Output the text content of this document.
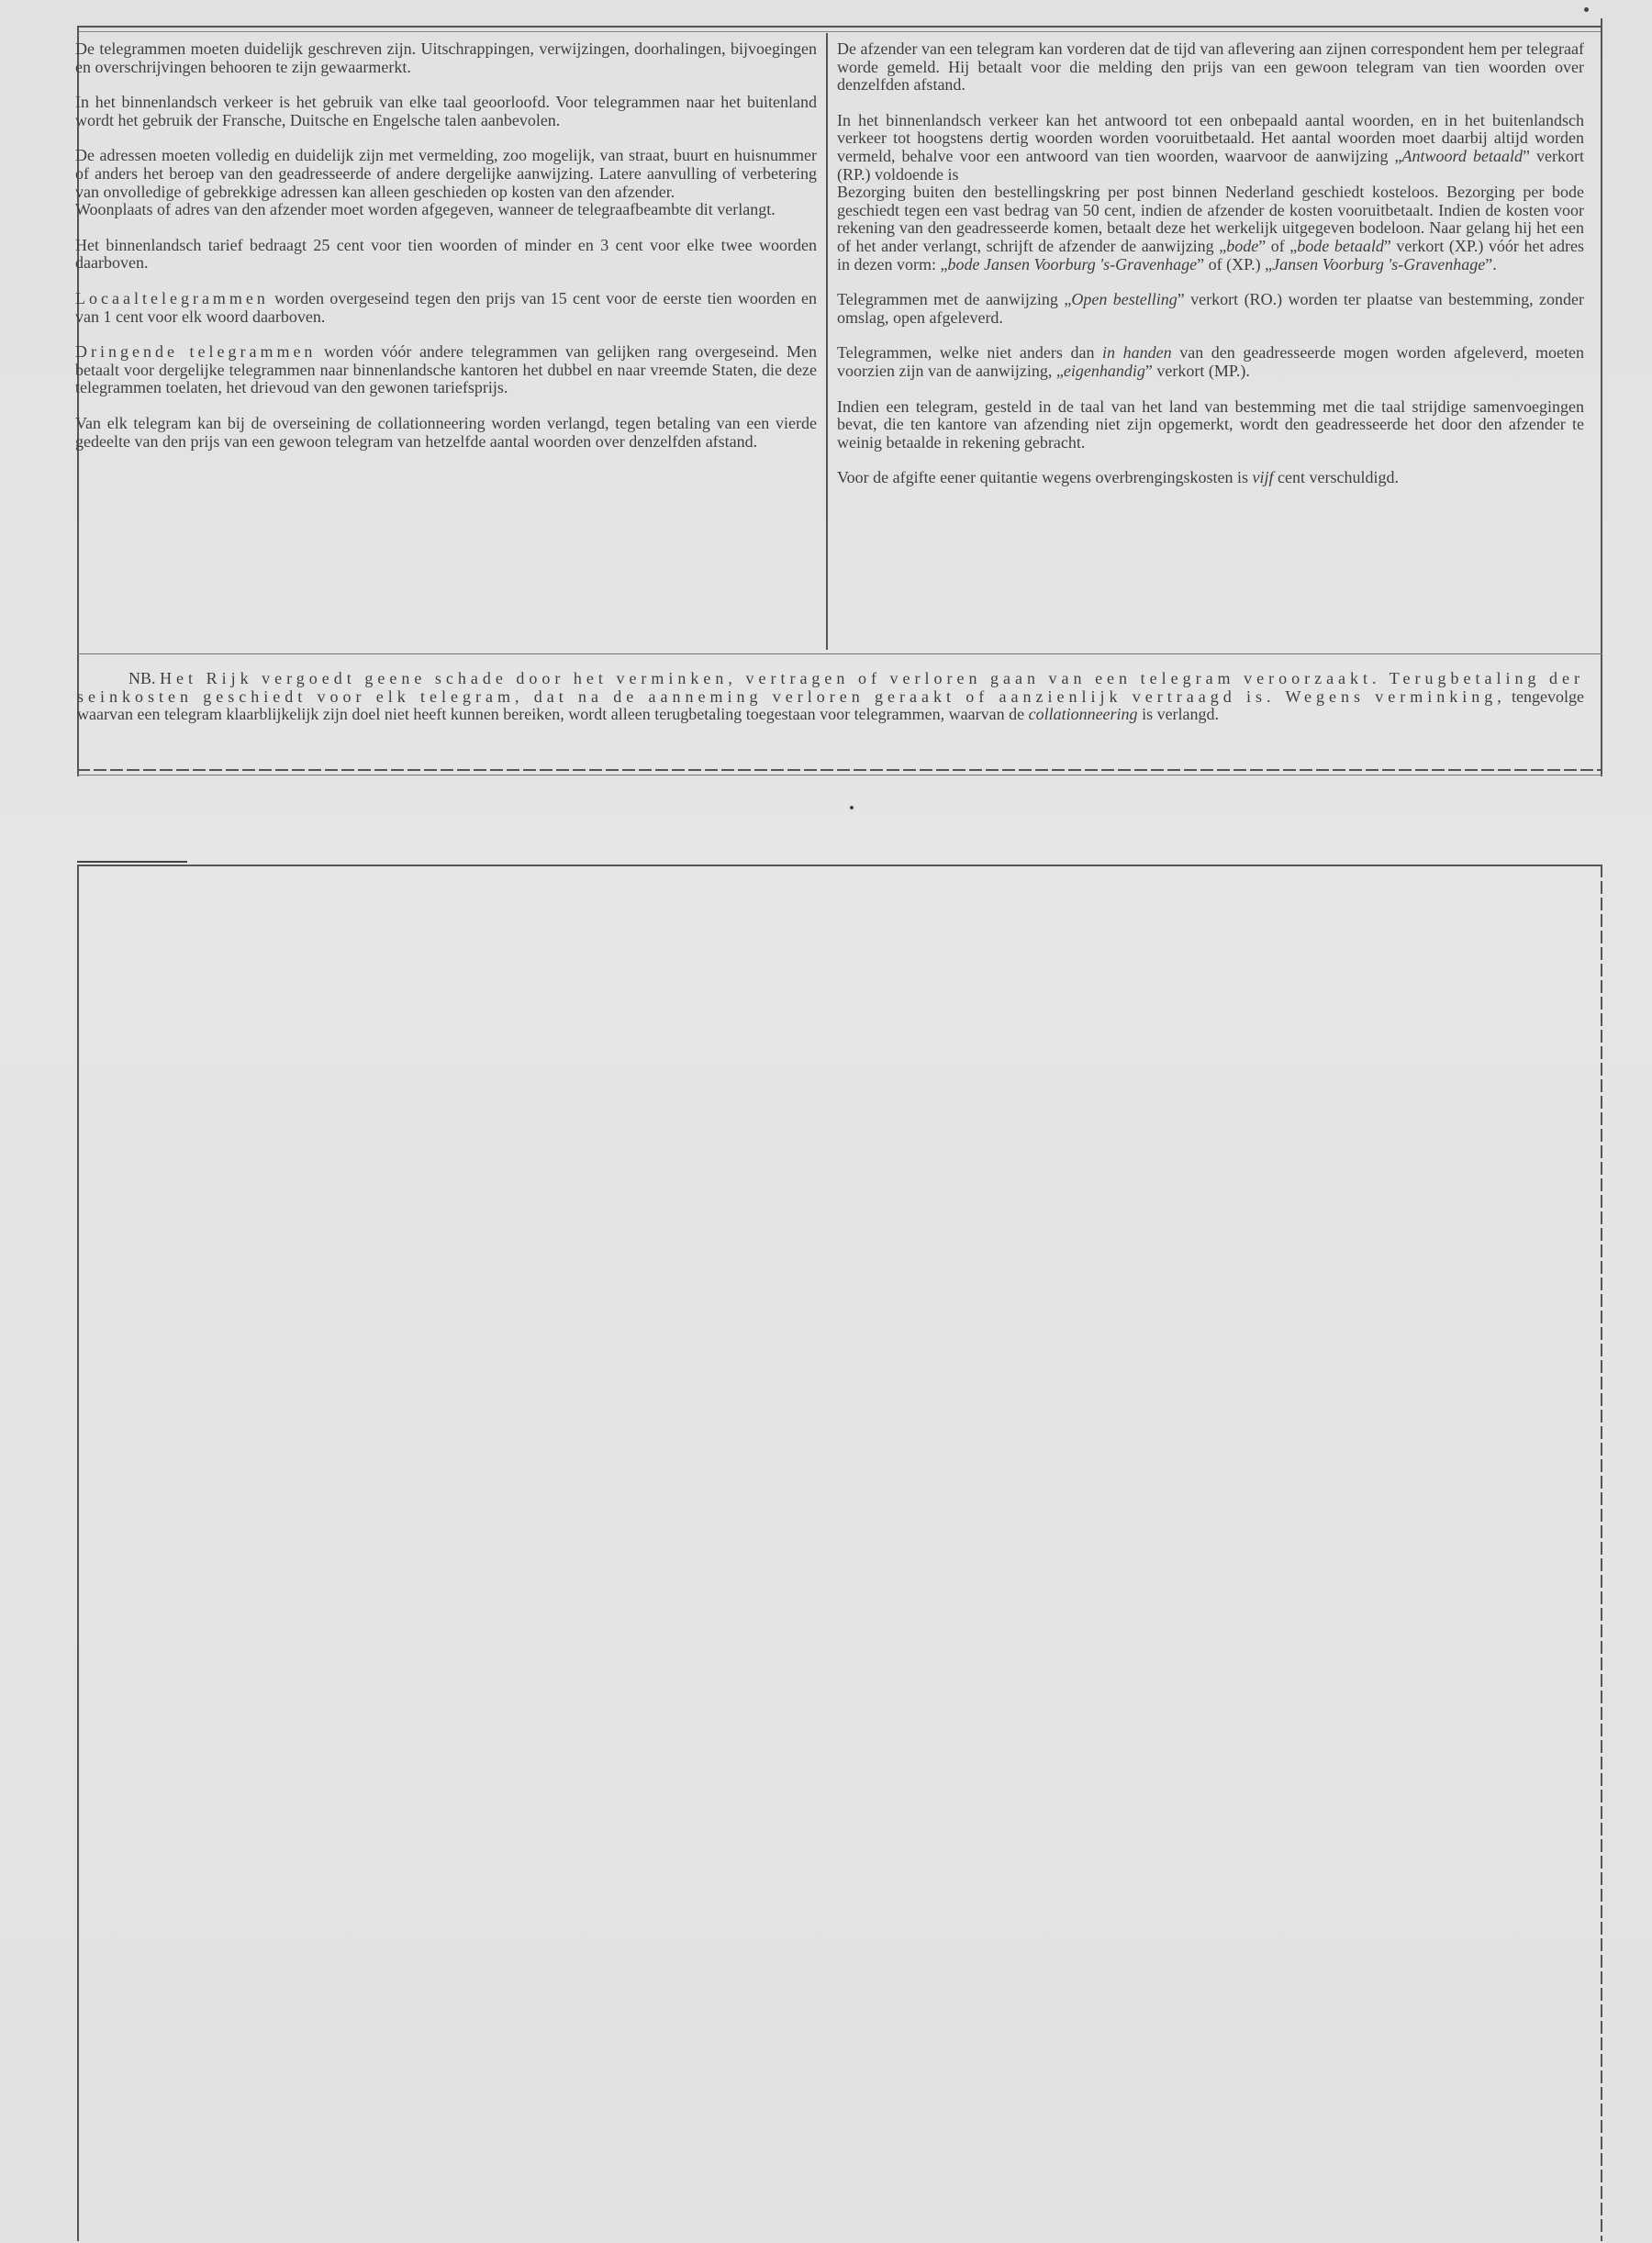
De telegrammen moeten duidelijk geschreven zijn. Uitschrappingen, verwijzingen, doorhalingen, bijvoegingen en overschrijvingen behooren te zijn gewaarmerkt.

In het binnenlandsch verkeer is het gebruik van elke taal geoorloofd. Voor telegrammen naar het buitenland wordt het gebruik der Fransche, Duitsche en Engelsche talen aanbevolen.

De adressen moeten volledig en duidelijk zijn met vermelding, zoo mogelijk, van straat, buurt en huisnummer of anders het beroep van den geadresseerde of andere dergelijke aanwijzing. Latere aanvulling of verbetering van onvolledige of gebrekkige adressen kan alleen geschieden op kosten van den afzender.

Woonplaats of adres van den afzender moet worden afgegeven, wanneer de telegraafbeambte dit verlangt.

Het binnenlandsch tarief bedraagt 25 cent voor tien woorden of minder en 3 cent voor elke twee woorden daarboven.

Locaaltelegrammen worden overgeseind tegen den prijs van 15 cent voor de eerste tien woorden en van 1 cent voor elk woord daarboven.

Dringende telegrammen worden vóór andere telegrammen van gelijken rang overgeseind. Men betaalt voor dergelijke telegrammen naar binnenlandsche kantoren het dubbel en naar vreemde Staten, die deze telegrammen toelaten, het drievoud van den gewonen tariefsprijs.

Van elk telegram kan bij de overseining de collationneering worden verlangd, tegen betaling van een vierde gedeelte van den prijs van een gewoon telegram van hetzelfde aantal woorden over denzelfden afstand.

De afzender van een telegram kan vorderen dat de tijd van aflevering aan zijnen correspondent hem per telegraaf worde gemeld. Hij betaalt voor die melding den prijs van een gewoon telegram van tien woorden over denzelfden afstand.

In het binnenlandsch verkeer kan het antwoord tot een onbepaald aantal woorden, en in het buitenlandsch verkeer tot hoogstens dertig woorden worden vooruitbetaald. Het aantal woorden moet daarbij altijd worden vermeld, behalve voor een antwoord van tien woorden, waarvoor de aanwijzing „Antwoord betaald” verkort (RP.) voldoende is

Bezorging buiten den bestellingskring per post binnen Nederland geschiedt kosteloos. Bezorging per bode geschiedt tegen een vast bedrag van 50 cent, indien de afzender de kosten vooruitbetaalt. Indien de kosten voor rekening van den geadresseerde komen, betaalt deze het werkelijk uitgegeven bodeloon. Naar gelang hij het een of het ander verlangt, schrijft de afzender de aanwijzing „bode” of „bode betaald” verkort (XP.) vóór het adres in dezen vorm: „bode Jansen Voorburg 's-Gravenhage” of (XP.) „Jansen Voorburg 's-Gravenhage”.

Telegrammen met de aanwijzing „Open bestelling” verkort (RO.) worden ter plaatse van bestemming, zonder omslag, open afgeleverd.

Telegrammen, welke niet anders dan in handen van den geadresseerde mogen worden afgeleverd, moeten voorzien zijn van de aanwijzing, „eigenhandig” verkort (MP.).

Indien een telegram, gesteld in de taal van het land van bestemming met die taal strijdige samenvoegingen bevat, die ten kantore van afzending niet zijn opgemerkt, wordt den geadresseerde het door den afzender te weinig betaalde in rekening gebracht.

Voor de afgifte eener quitantie wegens overbrengingskosten is vijf cent verschuldigd.

NB. Het Rijk vergoedt geene schade door het verminken, vertragen of verloren gaan van een telegram veroorzaakt. Terugbetaling der seinkosten geschiedt voor elk telegram, dat na de aanneming verloren geraakt of aanzienlijk vertraagd is. Wegens verminking, tengevolge waarvan een telegram klaarblijkelijk zijn doel niet heeft kunnen bereiken, wordt alleen terugbetaling toegestaan voor telegrammen, waarvan de collationneering is verlangd.
